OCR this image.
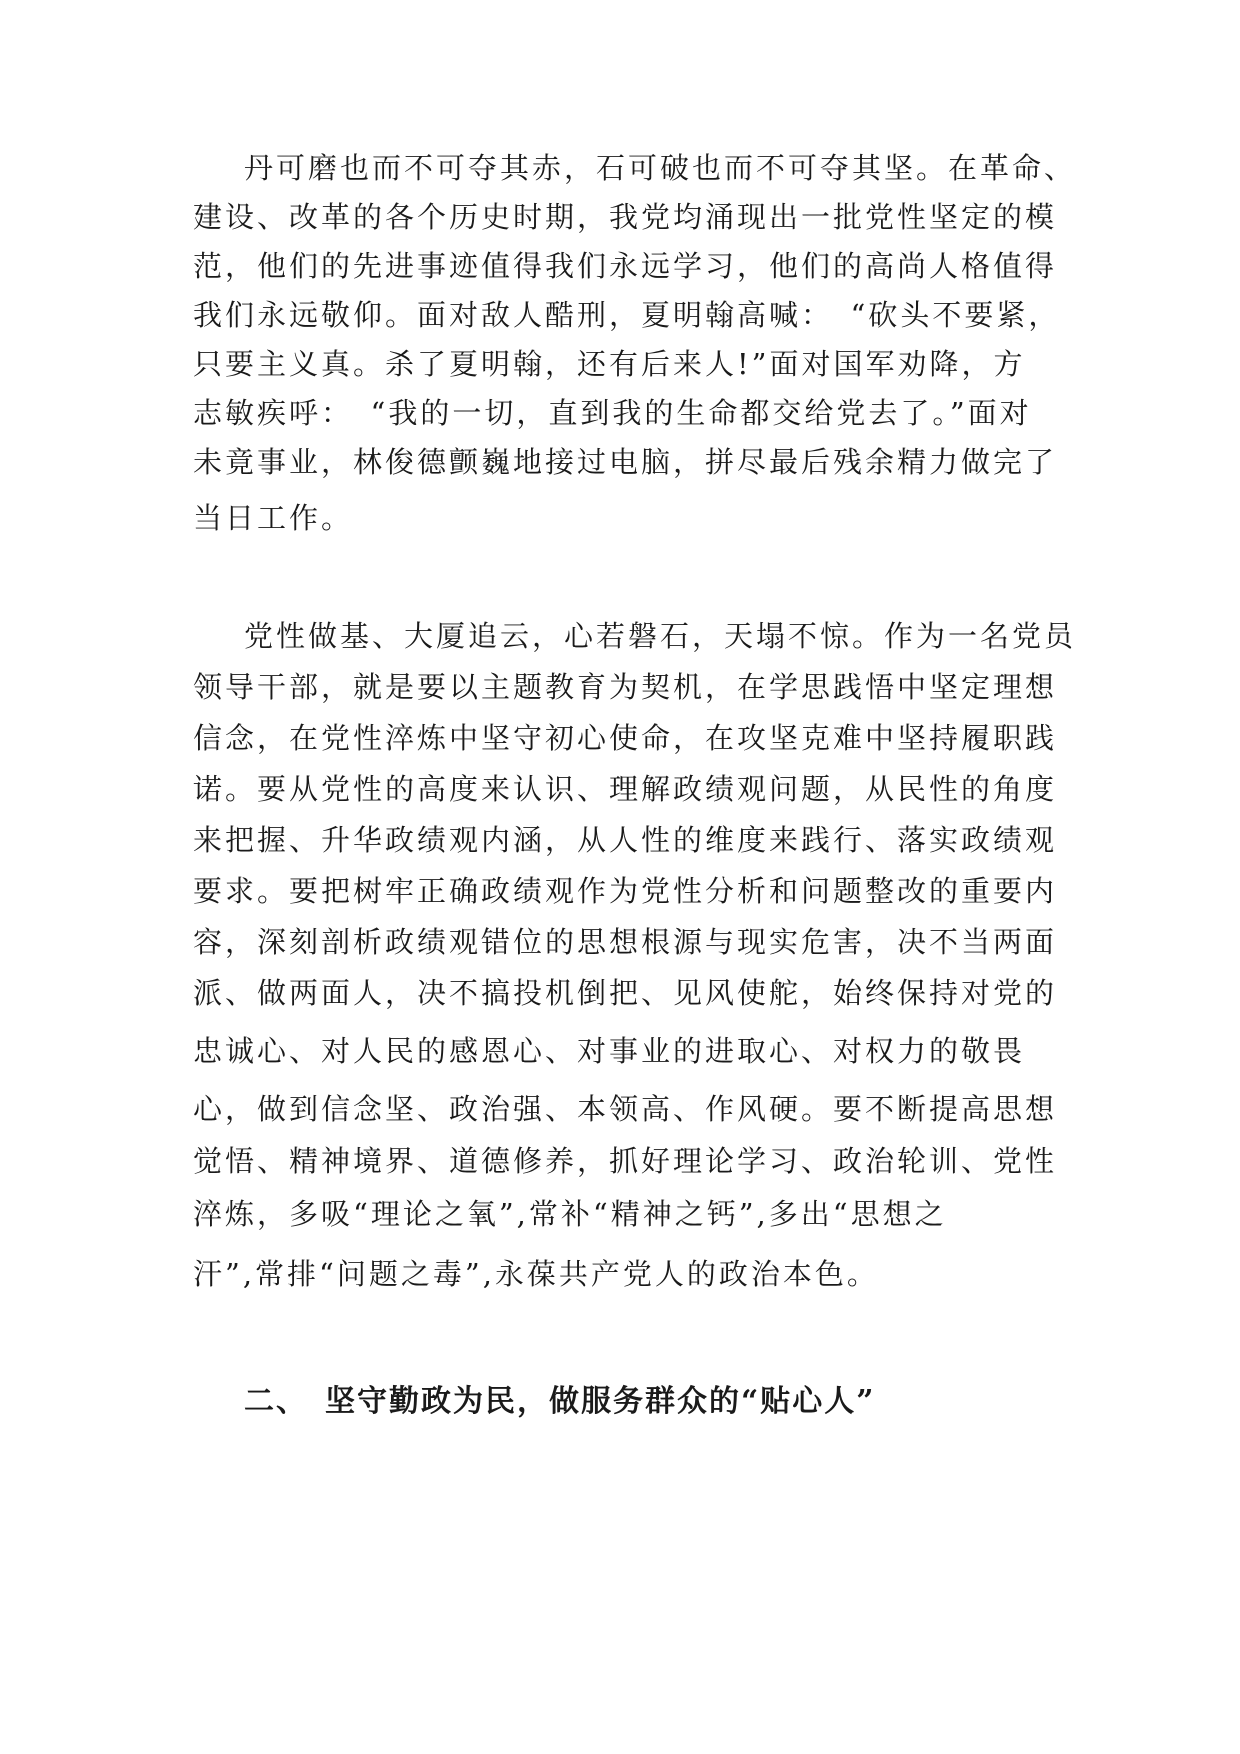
丹可磨也而不可夺其赤，石可破也而不可夺其坚。在革命、
建设、改革的各个历史时期，我党均涌现出一批党性坚定的模
范，他们的先进事迹值得我们永远学习，他们的高尚人格值得
我们永远敬仰。面对敌人酷刑，夏明翰高喊：　“砍头不要紧，
只要主义真。杀了夏明翰，还有后来人!”面对国军劝降，方
志敏疾呼：　“我的一切，直到我的生命都交给党去了。”面对
未竟事业，林俊德颤巍地接过电脑，拼尽最后残余精力做完了
当日工作。
党性做基、大厦追云，心若磐石，天塌不惊。作为一名党员
领导干部，就是要以主题教育为契机，在学思践悟中坚定理想
信念，在党性淬炼中坚守初心使命，在攻坚克难中坚持履职践
诺。要从党性的高度来认识、理解政绩观问题，从民性的角度
来把握、升华政绩观内涵，从人性的维度来践行、落实政绩观
要求。要把树牢正确政绩观作为党性分析和问题整改的重要内
容，深刻剖析政绩观错位的思想根源与现实危害，决不当两面
派、做两面人，决不搞投机倒把、见风使舵，始终保持对党的
忠诚心、对人民的感恩心、对事业的进取心、对权力的敬畏
心，做到信念坚、政治强、本领高、作风硬。要不断提高思想
觉悟、精神境界、道德修养，抓好理论学习、政治轮训、党性
淬炼，多吸“理论之氧”,常补“精神之钙”,多出“思想之
汗”,常排“问题之毒”,永葆共产党人的政治本色。
二、　坚守勤政为民，做服务群众的“贴心人”
